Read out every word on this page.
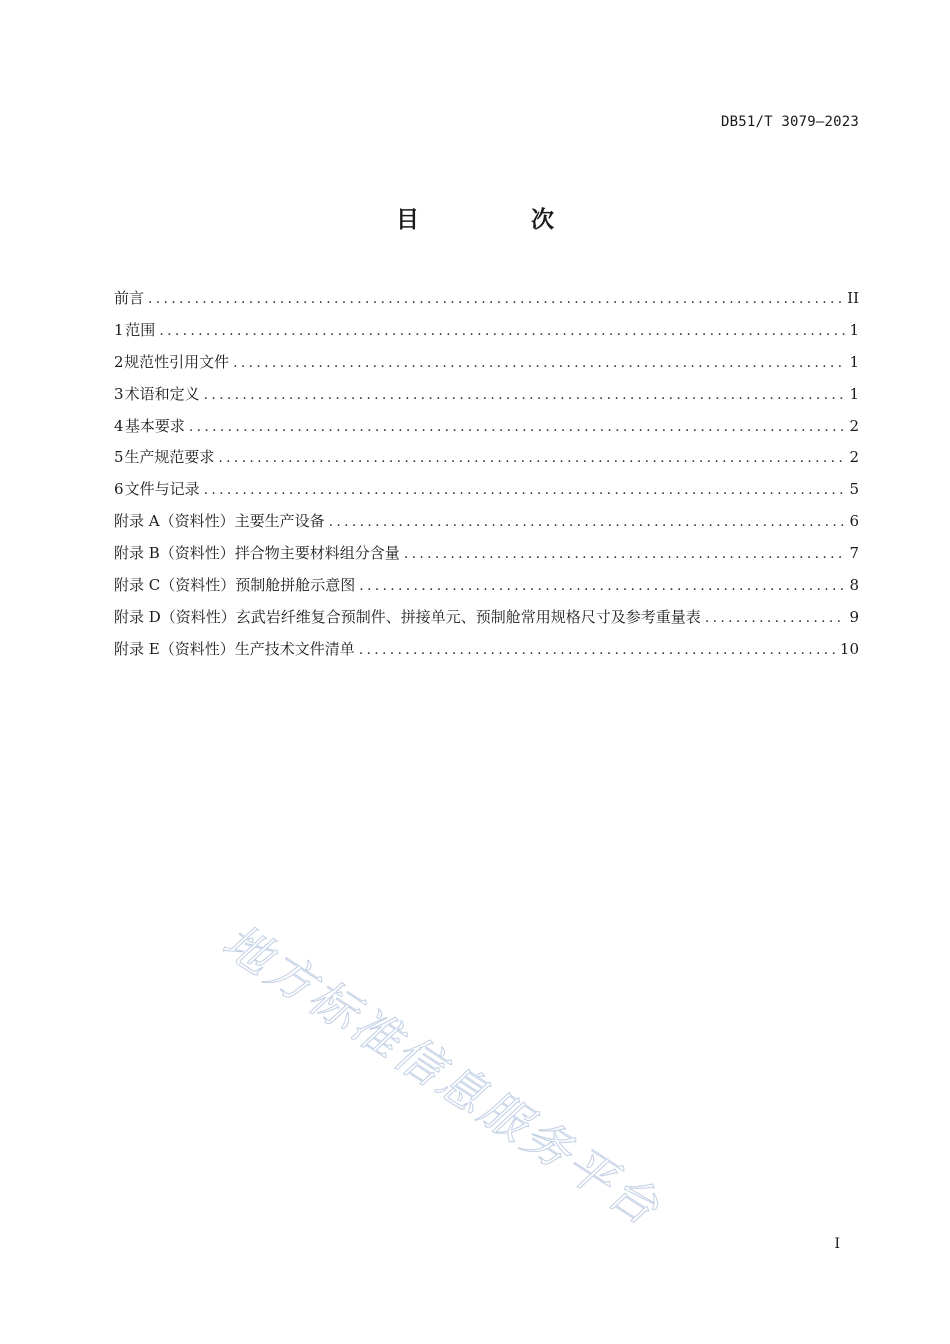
DB51/T 3079—2023
目 次
前言 .....	II
1 范围 .....	1
2 规范性引用文件 .....	1
3 术语和定义 .....	1
4 基本要求 .....	2
5 生产规范要求 .....	2
6 文件与记录 .....	5
附录 A（资料性） 主要生产设备 .....	6
附录 B（资料性） 拌合物主要材料组分含量 .....	7
附录 C（资料性） 预制舱拼舱示意图 .....	8
附录 D（资料性） 玄武岩纤维复合预制件、拼接单元、预制舱常用规格尺寸及参考重量表 .....	9
附录 E（资料性） 生产技术文件清单 .....	10
地方标准信息服务平台
I
